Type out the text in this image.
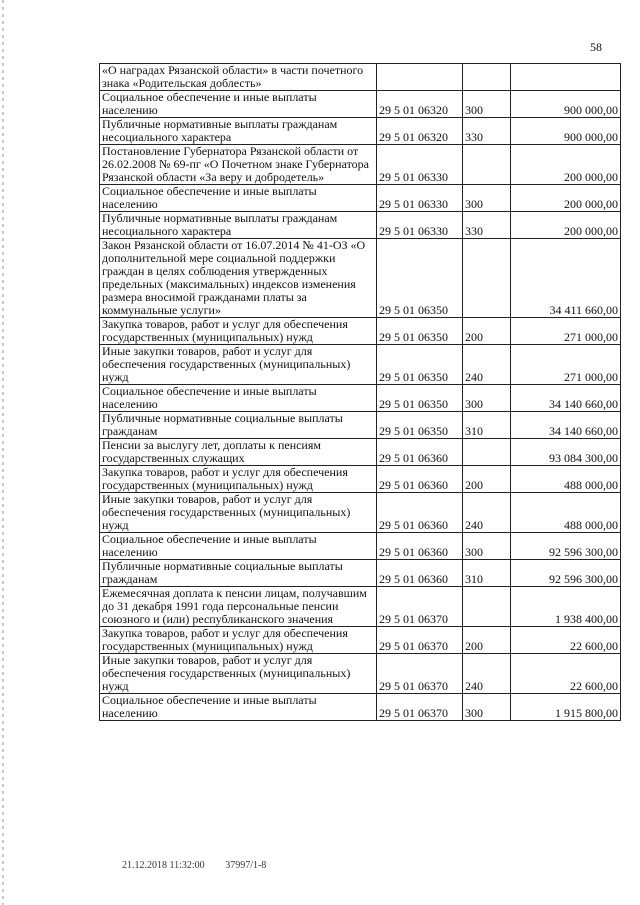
58
«О наградах Рязанской области» в части почетного знака «Родительская доблесть»			
Социальное обеспечение и иные выплаты населению	29 5 01 06320	300	900 000,00
Публичные нормативные выплаты гражданам несоциального характера	29 5 01 06320	330	900 000,00
Постановление Губернатора Рязанской области от 26.02.2008 № 69-пг «О Почетном знаке Губернатора Рязанской области «За веру и добродетель»	29 5 01 06330		200 000,00
Социальное обеспечение и иные выплаты населению	29 5 01 06330	300	200 000,00
Публичные нормативные выплаты гражданам несоциального характера	29 5 01 06330	330	200 000,00
Закон Рязанской области от 16.07.2014 № 41-ОЗ «О дополнительной мере социальной поддержки граждан в целях соблюдения утвержденных предельных (максимальных) индексов изменения размера вносимой гражданами платы за коммунальные услуги»	29 5 01 06350		34 411 660,00
Закупка товаров, работ и услуг для обеспечения государственных (муниципальных) нужд	29 5 01 06350	200	271 000,00
Иные закупки товаров, работ и услуг для обеспечения государственных (муниципальных) нужд	29 5 01 06350	240	271 000,00
Социальное обеспечение и иные выплаты населению	29 5 01 06350	300	34 140 660,00
Публичные нормативные социальные выплаты гражданам	29 5 01 06350	310	34 140 660,00
Пенсии за выслугу лет, доплаты к пенсиям государственных служащих	29 5 01 06360		93 084 300,00
Закупка товаров, работ и услуг для обеспечения государственных (муниципальных) нужд	29 5 01 06360	200	488 000,00
Иные закупки товаров, работ и услуг для обеспечения государственных (муниципальных) нужд	29 5 01 06360	240	488 000,00
Социальное обеспечение и иные выплаты населению	29 5 01 06360	300	92 596 300,00
Публичные нормативные социальные выплаты гражданам	29 5 01 06360	310	92 596 300,00
Ежемесячная доплата к пенсии лицам, получавшим до 31 декабря 1991 года персональные пенсии союзного и (или) республиканского значения	29 5 01 06370		1 938 400,00
Закупка товаров, работ и услуг для обеспечения государственных (муниципальных) нужд	29 5 01 06370	200	22 600,00
Иные закупки товаров, работ и услуг для обеспечения государственных (муниципальных) нужд	29 5 01 06370	240	22 600,00
Социальное обеспечение и иные выплаты населению	29 5 01 06370	300	1 915 800,00
21.12.2018 11:32:00 37997/1-8
